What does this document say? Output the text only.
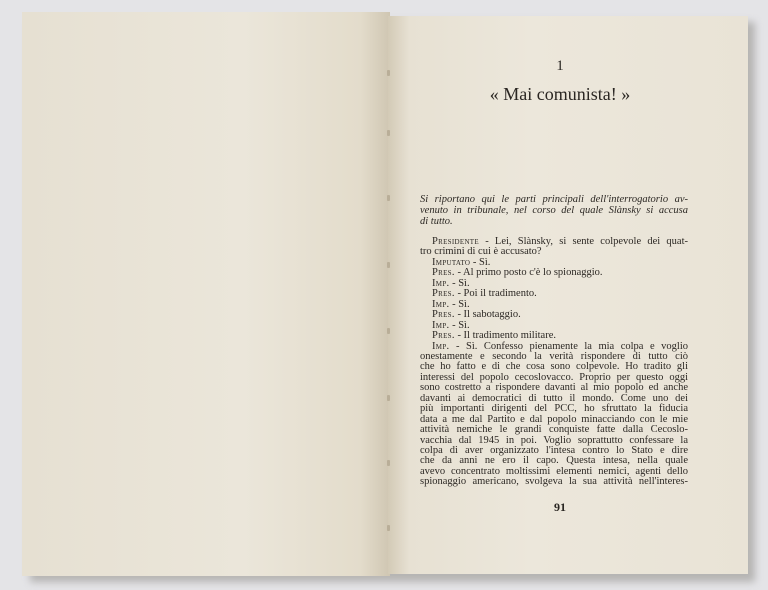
1
« Mai comunista! »
Si riportano qui le parti principali dell'interrogatorio av-
venuto in tribunale, nel corso del quale Slànsky si accusa
di tutto.
Presidente - Lei, Slànsky, si sente colpevole dei quat-
tro crimini di cui è accusato?
Imputato - Sì.
Pres. - Al primo posto c'è lo spionaggio.
Imp. - Sì.
Pres. - Poi il tradimento.
Imp. - Sì.
Pres. - Il sabotaggio.
Imp. - Sì.
Pres. - Il tradimento militare.
Imp. - Sì. Confesso pienamente la mia colpa e voglio
onestamente e secondo la verità rispondere di tutto ciò
che ho fatto e di che cosa sono colpevole. Ho tradito gli
interessi del popolo cecoslovacco. Proprio per questo oggi
sono costretto a rispondere davanti al mio popolo ed anche
davanti ai democratici di tutto il mondo. Come uno dei
più importanti dirigenti del PCC, ho sfruttato la fiducia
data a me dal Partito e dal popolo minacciando con le mie
attività nemiche le grandi conquiste fatte dalla Cecoslo-
vacchia dal 1945 in poi. Voglio soprattutto confessare la
colpa di aver organizzato l'intesa contro lo Stato e dire
che da anni ne ero il capo. Questa intesa, nella quale
avevo concentrato moltissimi elementi nemici, agenti dello
spionaggio americano, svolgeva la sua attività nell'interes-
91
